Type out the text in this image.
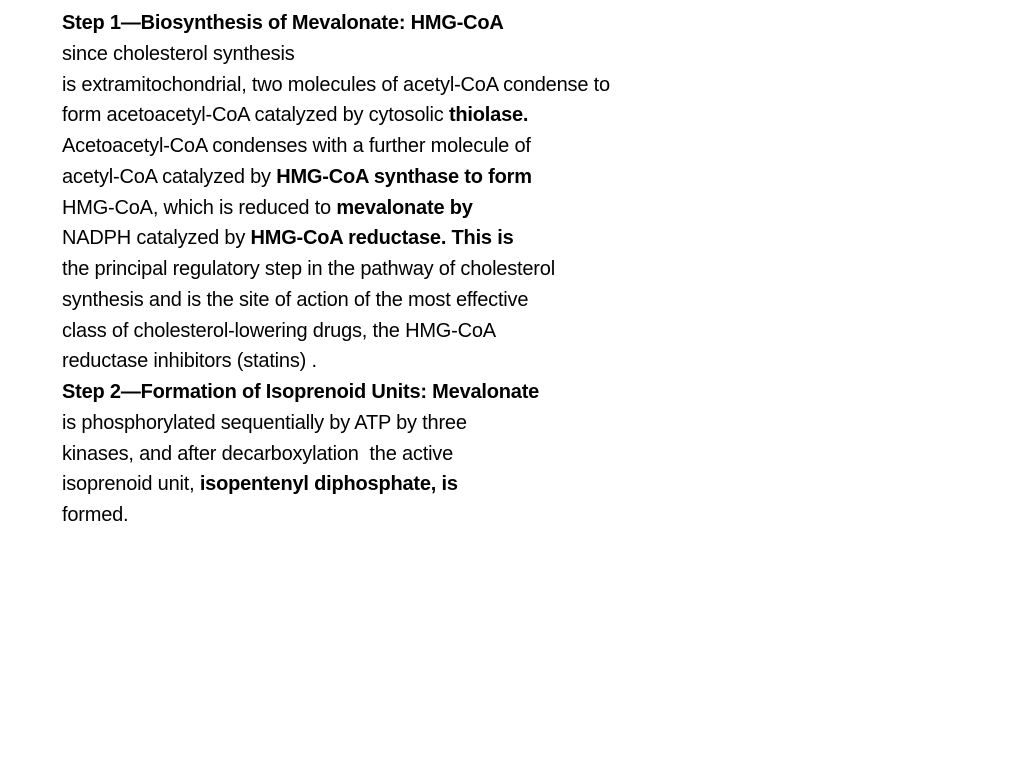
Step 1—Biosynthesis of Mevalonate: HMG-CoA
since cholesterol synthesis
is extramitochondrial, two molecules of acetyl-CoA condense to
form acetoacetyl-CoA catalyzed by cytosolic thiolase.
Acetoacetyl-CoA condenses with a further molecule of
acetyl-CoA catalyzed by HMG-CoA synthase to form
HMG-CoA, which is reduced to mevalonate by
NADPH catalyzed by HMG-CoA reductase. This is
the principal regulatory step in the pathway of cholesterol
synthesis and is the site of action of the most effective
class of cholesterol-lowering drugs, the HMG-CoA
reductase inhibitors (statins) .
Step 2—Formation of Isoprenoid Units: Mevalonate
is phosphorylated sequentially by ATP by three
kinases, and after decarboxylation  the active
isoprenoid unit, isopentenyl diphosphate, is
formed.
